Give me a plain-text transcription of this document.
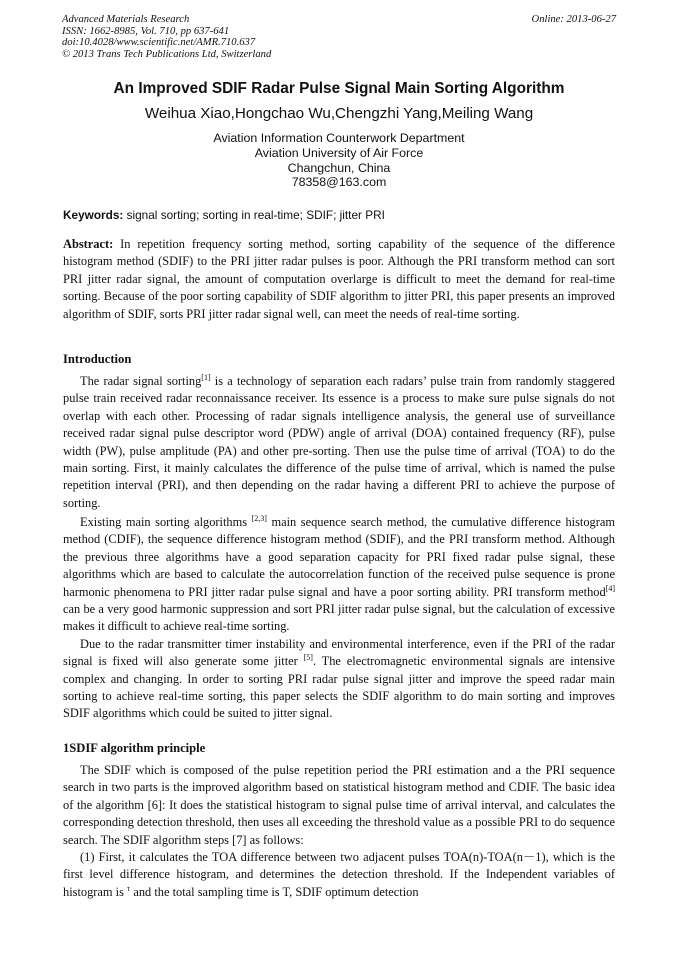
Advanced Materials Research
ISSN: 1662-8985, Vol. 710, pp 637-641
doi:10.4028/www.scientific.net/AMR.710.637
© 2013 Trans Tech Publications Ltd, Switzerland
Online: 2013-06-27
An Improved SDIF Radar Pulse Signal Main Sorting Algorithm
Weihua Xiao,Hongchao Wu,Chengzhi Yang,Meiling Wang
Aviation Information Counterwork Department
Aviation University of Air Force
Changchun, China
78358@163.com
Keywords: signal sorting; sorting in real-time; SDIF; jitter PRI

Abstract: In repetition frequency sorting method, sorting capability of the sequence of the difference histogram method (SDIF) to the PRI jitter radar pulses is poor. Although the PRI transform method can sort PRI jitter radar signal, the amount of computation overlarge is difficult to meet the demand for real-time sorting. Because of the poor sorting capability of SDIF algorithm to jitter PRI, this paper presents an improved algorithm of SDIF, sorts PRI jitter radar signal well, can meet the needs of real-time sorting.

Introduction

The radar signal sorting[1] is a technology of separation each radars’ pulse train from randomly staggered pulse train received radar reconnaissance receiver. Its essence is a process to make sure pulse signals do not overlap with each other. Processing of radar signals intelligence analysis, the general use of surveillance received radar signal pulse descriptor word (PDW) angle of arrival (DOA) contained frequency (RF), pulse width (PW), pulse amplitude (PA) and other pre-sorting. Then use the pulse time of arrival (TOA) to do the main sorting. First, it mainly calculates the difference of the pulse time of arrival, which is named the pulse repetition interval (PRI), and then depending on the radar having a different PRI to achieve the purpose of sorting.

Existing main sorting algorithms [2,3] main sequence search method, the cumulative difference histogram method (CDIF), the sequence difference histogram method (SDIF), and the PRI transform method. Although the previous three algorithms have a good separation capacity for PRI fixed radar pulse signal, these algorithms which are based to calculate the autocorrelation function of the received pulse sequence is prone harmonic phenomena to PRI jitter radar pulse signal and have a poor sorting ability. PRI transform method[4] can be a very good harmonic suppression and sort PRI jitter radar pulse signal, but the calculation of excessive makes it difficult to achieve real-time sorting.

Due to the radar transmitter timer instability and environmental interference, even if the PRI of the radar signal is fixed will also generate some jitter [5]. The electromagnetic environmental signals are intensive complex and changing. In order to sorting PRI radar pulse signal jitter and improve the speed radar main sorting to achieve real-time sorting, this paper selects the SDIF algorithm to do main sorting and improves SDIF algorithms which could be suited to jitter signal.

1SDIF algorithm principle

The SDIF which is composed of the pulse repetition period the PRI estimation and a the PRI sequence search in two parts is the improved algorithm based on statistical histogram method and CDIF. The basic idea of the algorithm [6]: It does the statistical histogram to signal pulse time of arrival interval, and calculates the corresponding detection threshold, then uses all exceeding the threshold value as a possible PRI to do sequence search. The SDIF algorithm steps [7] as follows:

(1) First, it calculates the TOA difference between two adjacent pulses TOA(n)-TOA(n－1), which is the first level difference histogram, and determines the detection threshold. If the Independent variables of histogram is $^\tau$ and the total sampling time is T, SDIF optimum detection
